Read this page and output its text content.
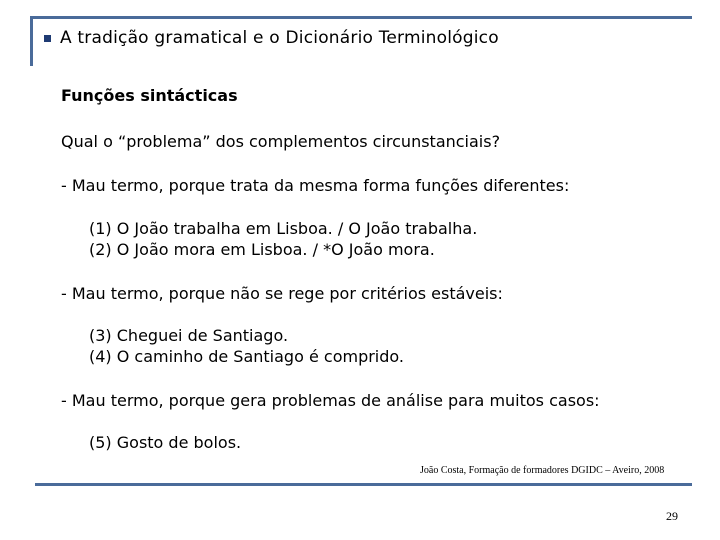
A tradição gramatical e o Dicionário Terminológico
Funções sintácticas
Qual o “problema” dos complementos circunstanciais?
- Mau termo, porque trata da mesma forma funções diferentes:
(1) O João trabalha em Lisboa. / O João trabalha.
(2) O João mora em Lisboa. / *O João mora.
- Mau termo, porque não se rege por critérios estáveis:
(3) Cheguei de Santiago.
(4) O caminho de Santiago é comprido.
- Mau termo, porque gera problemas de análise para muitos casos:
(5) Gosto de bolos.
João Costa, Formação de formadores DGIDC – Aveiro, 2008
29
